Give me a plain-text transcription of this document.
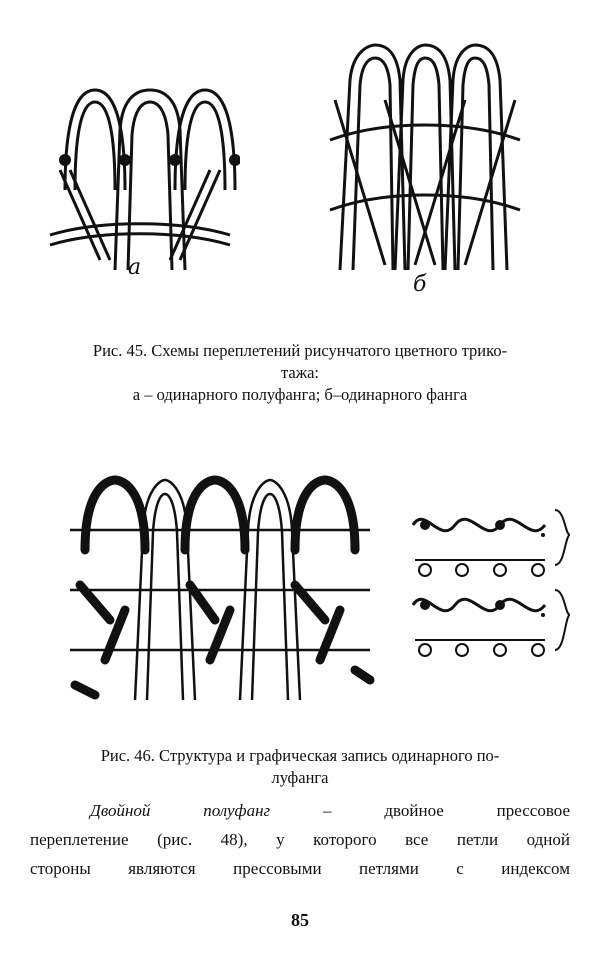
а
б
Рис. 45. Схемы переплетений рисунчатого цветного трико-
тажа:
а – одинарного полуфанга; б–одинарного фанга
Рис. 46. Структура и графическая запись одинарного по-
луфанга
Двойной полуфанг	– двойное прессовое
переплетение (рис. 48), у которого все петли одной
стороны являются прессовыми петлями с индексом
85
